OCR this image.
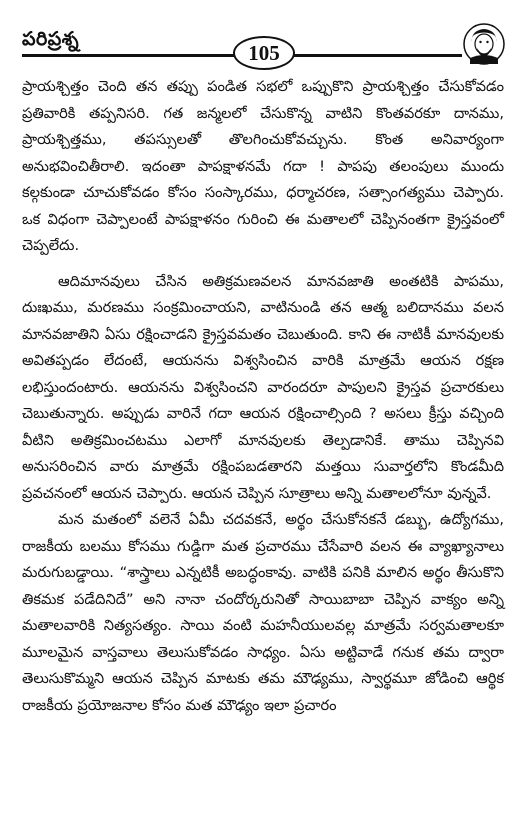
పరిప్రశ్న
105

ప్రాయశ్చిత్తం చెంది తన తప్పు పండిత సభలో ఒప్పుకొని ప్రాయశ్చిత్తం చేసుకోవడం ప్రతివారికి తప్పనిసరి. గత జన్మలలో చేసుకొన్న వాటిని కొంతవరకూ దానము, ప్రాయశ్చిత్తము, తపస్సులతో తొలగించుకోవచ్చును. కొంత అనివార్యంగా అనుభవించితీరాలి. ఇదంతా పాపక్షాళనమే గదా ! పాపపు తలంపులు ముందు కల్గకుండా చూచుకోవడం కోసం సంస్కారము, ధర్మాచరణ, సత్సాంగత్యము చెప్పారు. ఒక విధంగా చెప్పాలంటే పాపక్షాళనం గురించి ఈ మతాలలో చెప్పినంతగా క్రైస్తవంలో చెప్పలేదు.

ఆదిమానవులు చేసిన అతిక్రమణవలన మానవజాతి అంతటికి పాపము, దుఃఖము, మరణము సంక్రమించాయని, వాటినుండి తన ఆత్మ బలిదానము వలన మానవజాతిని ఏసు రక్షించాడని క్రైస్తవమతం చెబుతుంది. కాని ఈ నాటికీ మానవులకు అవితప్పడం లేదంటే, ఆయనను విశ్వసించిన వారికి మాత్రమే ఆయన రక్షణ లభిస్తుందంటారు. ఆయనను విశ్వసించని వారందరూ పాపులని క్రైస్తవ ప్రచారకులు చెబుతున్నారు. అప్పుడు వారినే గదా ఆయన రక్షించాల్సింది ? అసలు క్రీస్తు వచ్చింది వీటిని అతిక్రమించటము ఎలాగో మానవులకు తెల్పడానికే. తాము చెప్పినవి అనుసరించిన వారు మాత్రమే రక్షింపబడతారని మత్తయి సువార్తలోని కొండమీది ప్రవచనంలో ఆయన చెప్పారు. ఆయన చెప్పిన సూత్రాలు అన్ని మతాలలోనూ వున్నవే.

మన మతంలో వలెనే ఏమీ చదవకనే, అర్థం చేసుకోనకనే డబ్బు, ఉద్యోగము, రాజకీయ బలము కోసము గుడ్డిగా మత ప్రచారము చేసేవారి వలన ఈ వ్యాఖ్యానాలు మరుగుబడ్డాయి. “శాస్త్రాలు ఎన్నటికీ అబద్ధంకావు. వాటికి పనికి మాలిన అర్థం తీసుకొని తికమక పడేదినిదే” అని నానా చందోర్కరునితో సాయిబాబా చెప్పిన వాక్యం అన్ని మతాలవారికి నిత్యసత్యం. సాయి వంటి మహనీయులవల్ల మాత్రమే సర్వమతాలకూ మూలమైన వాస్తవాలు తెలుసుకోవడం సాధ్యం. ఏసు అట్టివాడే గనుక తమ ద్వారా తెలుసుకొమ్మని ఆయన చెప్పిన మాటకు తమ మౌఢ్యము, స్వార్థమూ జోడించి ఆర్థిక రాజకీయ ప్రయోజనాల కోసం మత మౌఢ్యం ఇలా ప్రచారం
